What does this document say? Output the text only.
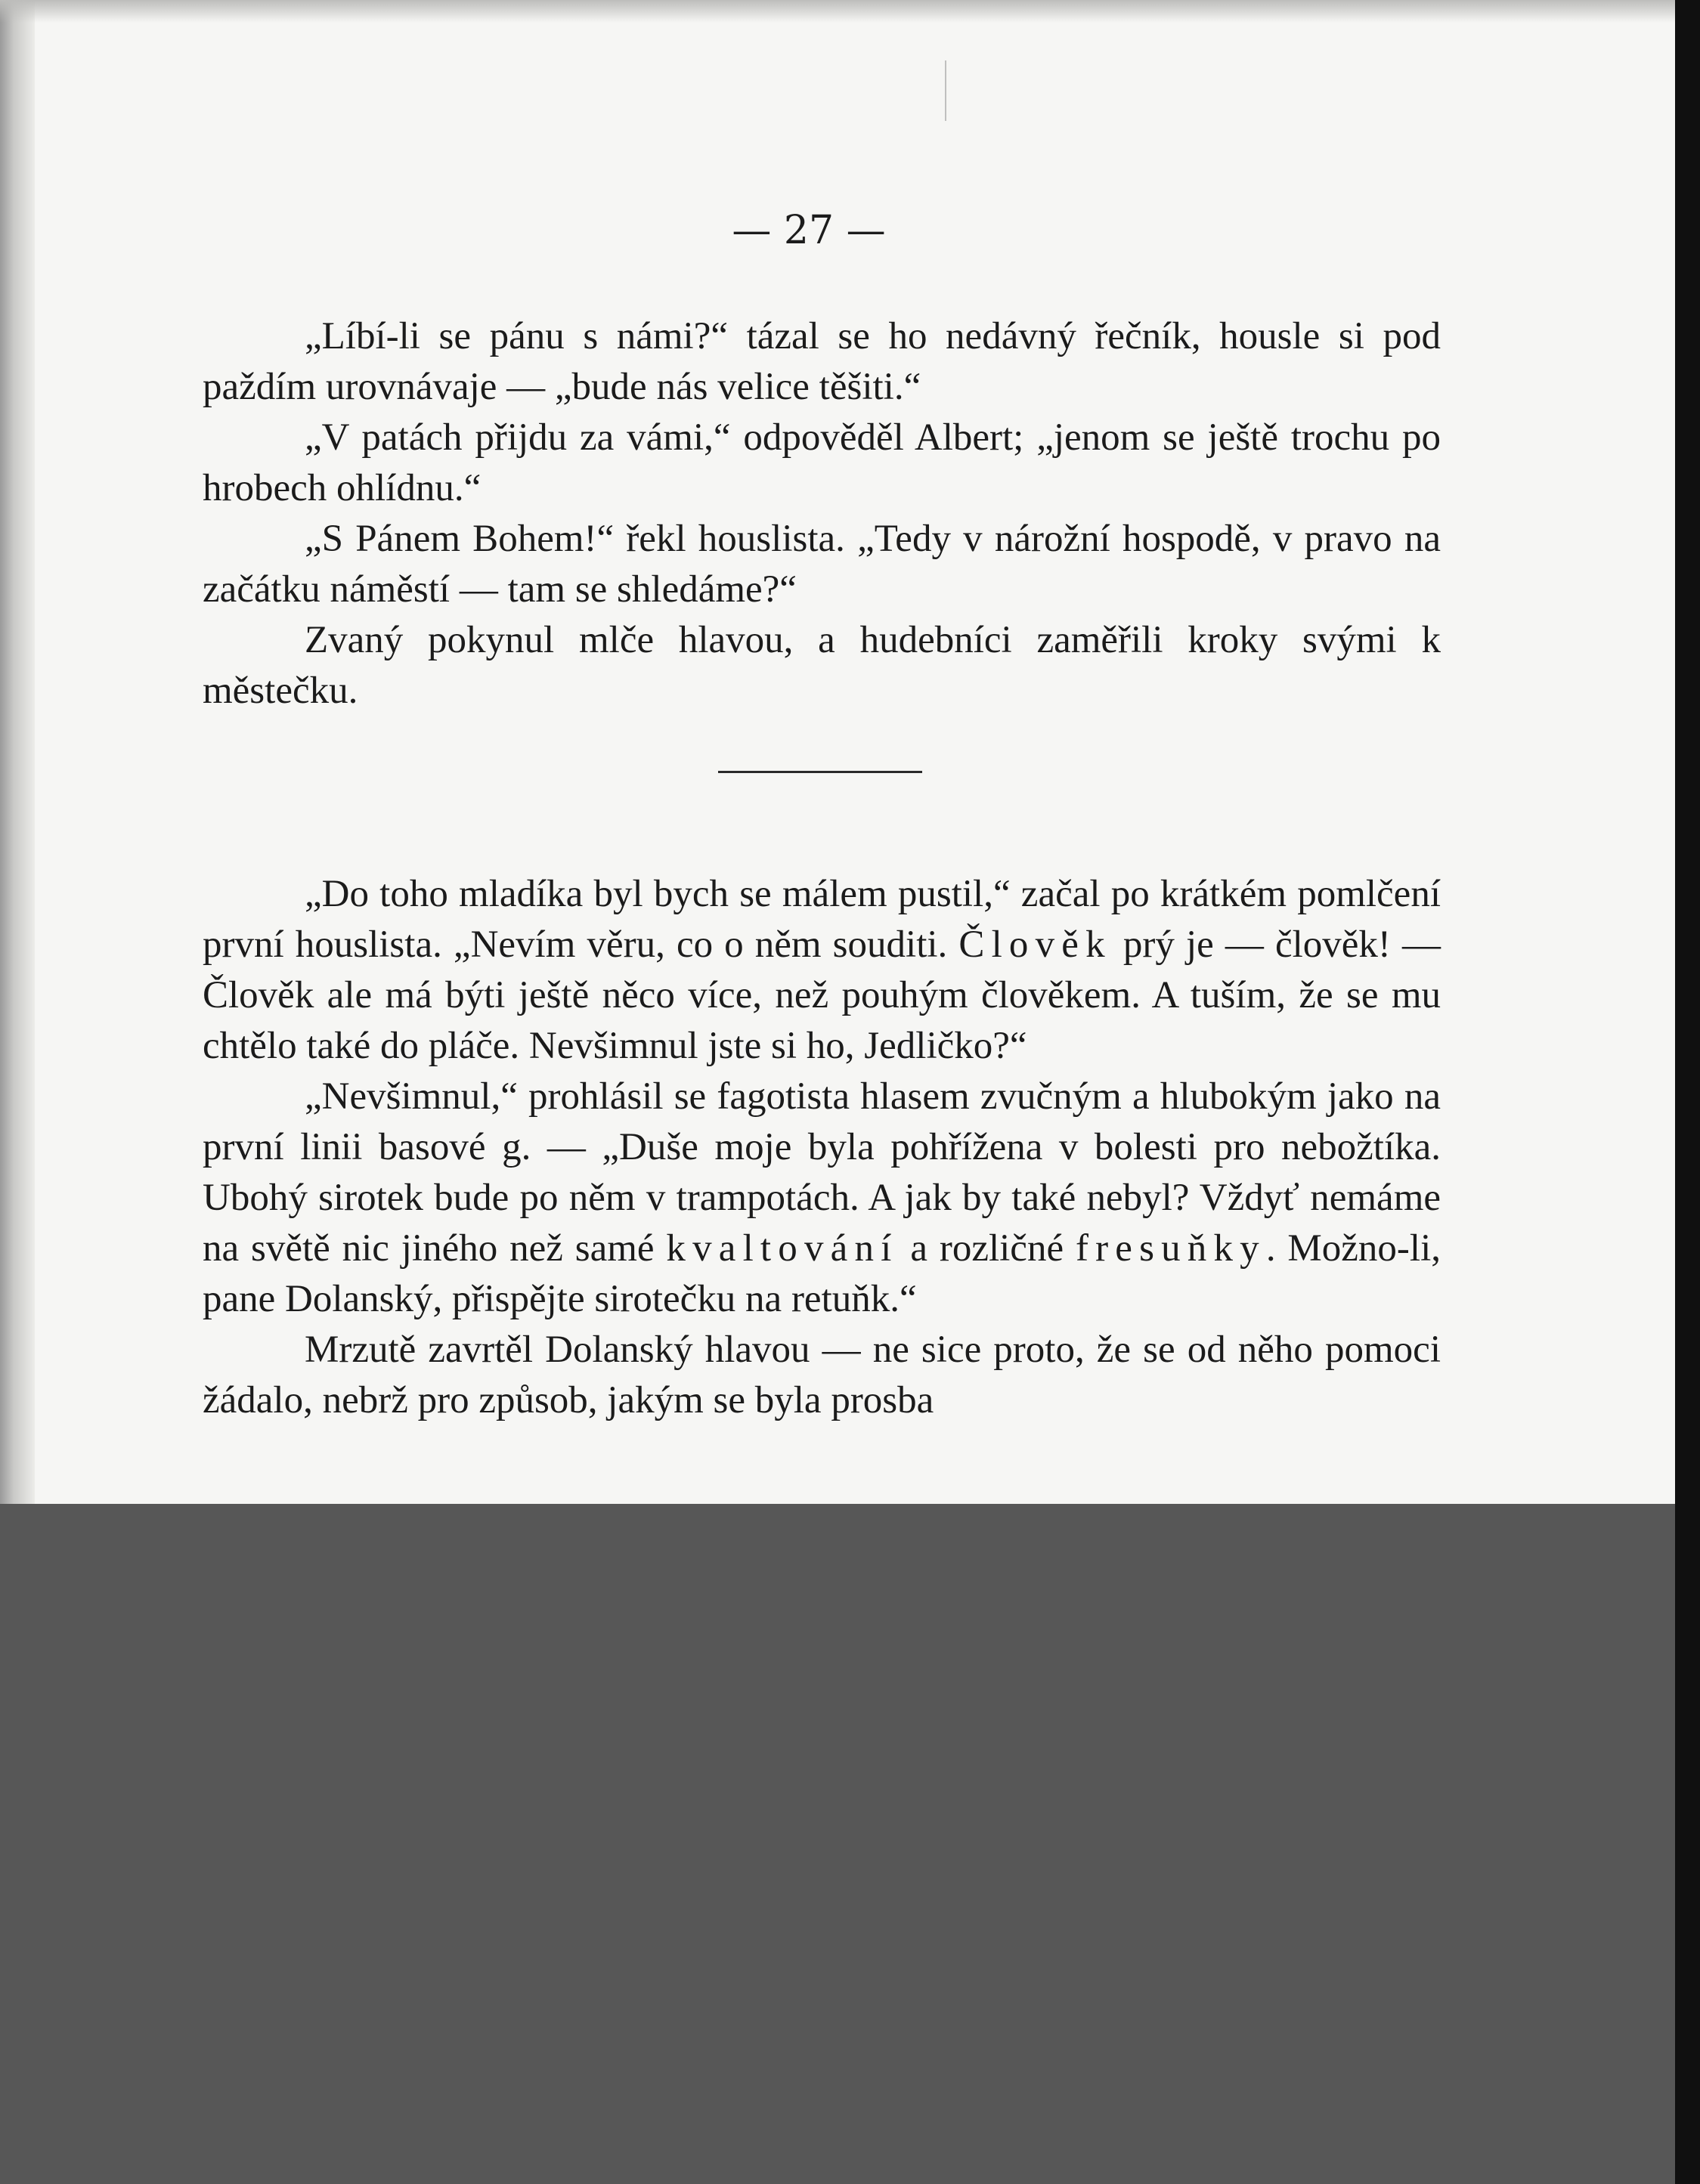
— 27 —

„Líbí-li se pánu s námi?“ tázal se ho nedávný řečník, housle si pod paždím urovnávaje — „bude nás velice těšiti.“

„V patách přijdu za vámi,“ odpověděl Albert; „jenom se ještě trochu po hrobech ohlídnu.“

„S Pánem Bohem!“ řekl houslista. „Tedy v nárožní hospodě, v pravo na začátku náměstí — tam se shledáme?“

Zvaný pokynul mlče hlavou, a hudebníci zaměřili kroky svými k městečku.

„Do toho mladíka byl bych se málem pustil,“ začal po krátkém pomlčení první houslista. „Nevím věru, co o něm souditi. Člověk prý je — člověk! — Člověk ale má býti ještě něco více, než pouhým člověkem. A tuším, že se mu chtělo také do pláče. Nevšimnul jste si ho, Jedličko?“

„Nevšimnul,“ prohlásil se fagotista hlasem zvučným a hlubokým jako na první linii basové g. — „Duše moje byla pohřížena v bolesti pro nebožtíka. Ubohý sirotek bude po něm v trampotách. A jak by také nebyl? Vždyť nemáme na světě nic jiného než samé kvaltování a rozličné fresuňky. Možno-li, pane Dolanský, přispějte sirotečku na retuňk.“

Mrzutě zavrtěl Dolanský hlavou — ne sice proto, že se od něho pomoci žádalo, nebrž pro způsob, jakým se byla prosba
